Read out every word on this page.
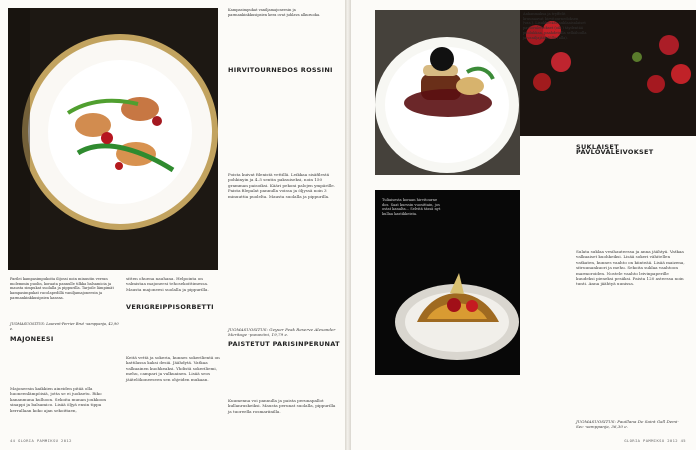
Parilei kampasimpukoita ilijossi noin minuutin verran molemmin puolin, koraata pannulle tilkka balsamicia ja mausta simpukat suolalla ja pippurilla. Tarjoile lämpimät kampasimpukat rucolapedillä vaniljamajoneesin ja parmankinkkusipsien kanssa.
JUOMASUOSITUS: Laurent-Perrier Brut -samppanja, 42,90 e.
MAJONEESI
Majoneesin kaikkien aineiden pitää olla huoneenlämpöisiä, jotta se ei juoksetu. Riko kananmuna kulhoon. Sekoita munan joukkoon sinappi ja balsamico. Lisää öljyä ensin tippa kerrallaan koko ajan sekoittaen,
sitten ohuena nauhana. Helpointa on valmistaa majoneesi tehosekoittimessa. Mausta majoneesi suolalla ja pippurilla.
VERIGREIPPISORBETTI
Keitä vettä ja sokeria, kunnes sokerilientä on kattilassa kaksi desiä. Jäähdytä. Vatkaa valkuainen kuohkeaksi. Yhdistä sokeriliemi, mehu, campari ja valkuainen. Lisää seos jäätelökoneeseen sen ohjeiden mukaan.
44 GLORIA PAMMIKSU 2012
Kampasimpukat vaniljamajoneesin ja parmankinkkusipsien kera ovat juhlava alkuruoka.
HIRVITOURNEDOS ROSSINI
Poista kuivat filenistä vettillä. Leikkaa sisäfilestä pohkinyin ja 4–5 sentin paksuiseksi, noin 150 gramman paisoiksi. Kääri pekoni palojen ympärille. Paista filepalat pannulla voissa ja öljyssä noin 3 minuuttia puolelta. Mausta suolalla ja pippurilla.
JUOMASUOSITUS: Geyser Peak Reserve Alexander Meritage -punaviini, 19,79 e.
PAISTETUT PARISINPERUNAT
Kuumenna voi pannulla ja paista perunapallot kullanruskeiksi. Mausta perunat suolalla, pippurilla ja tuoreella rosmariinilla.
Ankanmaksa ja tryffelit kruunaavat hirvitournedoksen (vas.). Lisukkeeksi, suklaaisalaiset pavlovaleivokset (oik.) täydentää puolukkaa, paahdetulla selkäluulla ja vaniljajäätelöllä (alla).
Tuliaisesta koraan hirvitourne dos. Saat kurssin vuosittain, jos ostat kanalta... Selvitä tässä nyt kullaa kastikkeista.
SUKLAISET PAVLOVALEIVOKSET
Sulata suklaa vesihauteessa ja anna jäähtyä. Vatkaa valkuaiset kuohkeiksi. Lisää sokeri vähitellen vatkaten, kunnes vaahto on kiinteää. Lisää maizena, sitruunankuori ja mehu. Sekoita suklaa vaahtoon marmoroiden. Nostele vaahto leivinpaperille kuudeksi pieneksi pesäksi. Paista 120 asteessa noin tunti. Anna jäähtyä uunissa.
JUOMASUOSITUS: Pauillana De Saint Gall Demi-Sec -samppanja, 36,30 e.
GLORIA PAMMIKSU 2012 45
